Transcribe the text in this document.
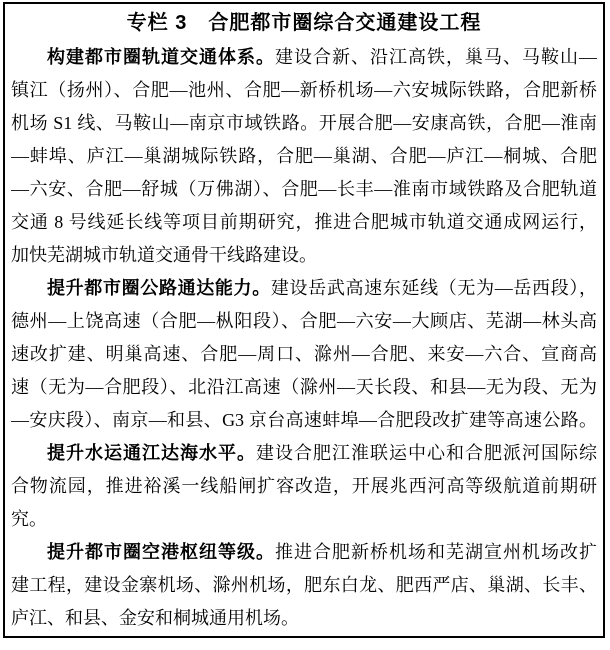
专栏 3　合肥都市圈综合交通建设工程
构建都市圈轨道交通体系。建设合新、沿江高铁，巢马、马鞍山—
镇江（扬州）、合肥—池州、合肥—新桥机场—六安城际铁路，合肥新桥
机场 S1 线、马鞍山—南京市域铁路。开展合肥—安康高铁，合肥—淮南
—蚌埠、庐江—巢湖城际铁路，合肥—巢湖、合肥—庐江—桐城、合肥
—六安、合肥—舒城（万佛湖）、合肥—长丰—淮南市域铁路及合肥轨道
交通 8 号线延长线等项目前期研究，推进合肥城市轨道交通成网运行，
加快芜湖城市轨道交通骨干线路建设。
提升都市圈公路通达能力。建设岳武高速东延线（无为—岳西段），
德州—上饶高速（合肥—枞阳段）、合肥—六安—大顾店、芜湖—林头高
速改扩建、明巢高速、合肥—周口、滁州—合肥、来安—六合、宣商高
速（无为—合肥段）、北沿江高速（滁州—天长段、和县—无为段、无为
—安庆段）、南京—和县、G3 京台高速蚌埠—合肥段改扩建等高速公路。
提升水运通江达海水平。建设合肥江淮联运中心和合肥派河国际综
合物流园，推进裕溪一线船闸扩容改造，开展兆西河高等级航道前期研
究。
提升都市圈空港枢纽等级。推进合肥新桥机场和芜湖宣州机场改扩
建工程，建设金寨机场、滁州机场，肥东白龙、肥西严店、巢湖、长丰、
庐江、和县、金安和桐城通用机场。
